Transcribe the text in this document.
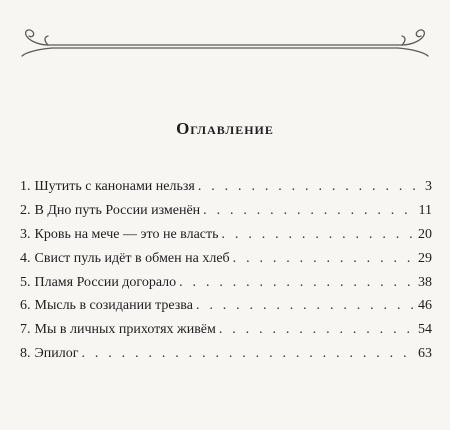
Оглавление
1. Шутить с канонами нельзя . . .	3
2. В Дно путь России изменён . . .	11
3. Кровь на мече — это не власть . . .	20
4. Свист пуль идёт в обмен на хлеб . . .	29
5. Пламя России догорало . . .	38
6. Мысль в созидании трезва . . .	46
7. Мы в личных прихотях живём . . .	54
8. Эпилог . . .	63
